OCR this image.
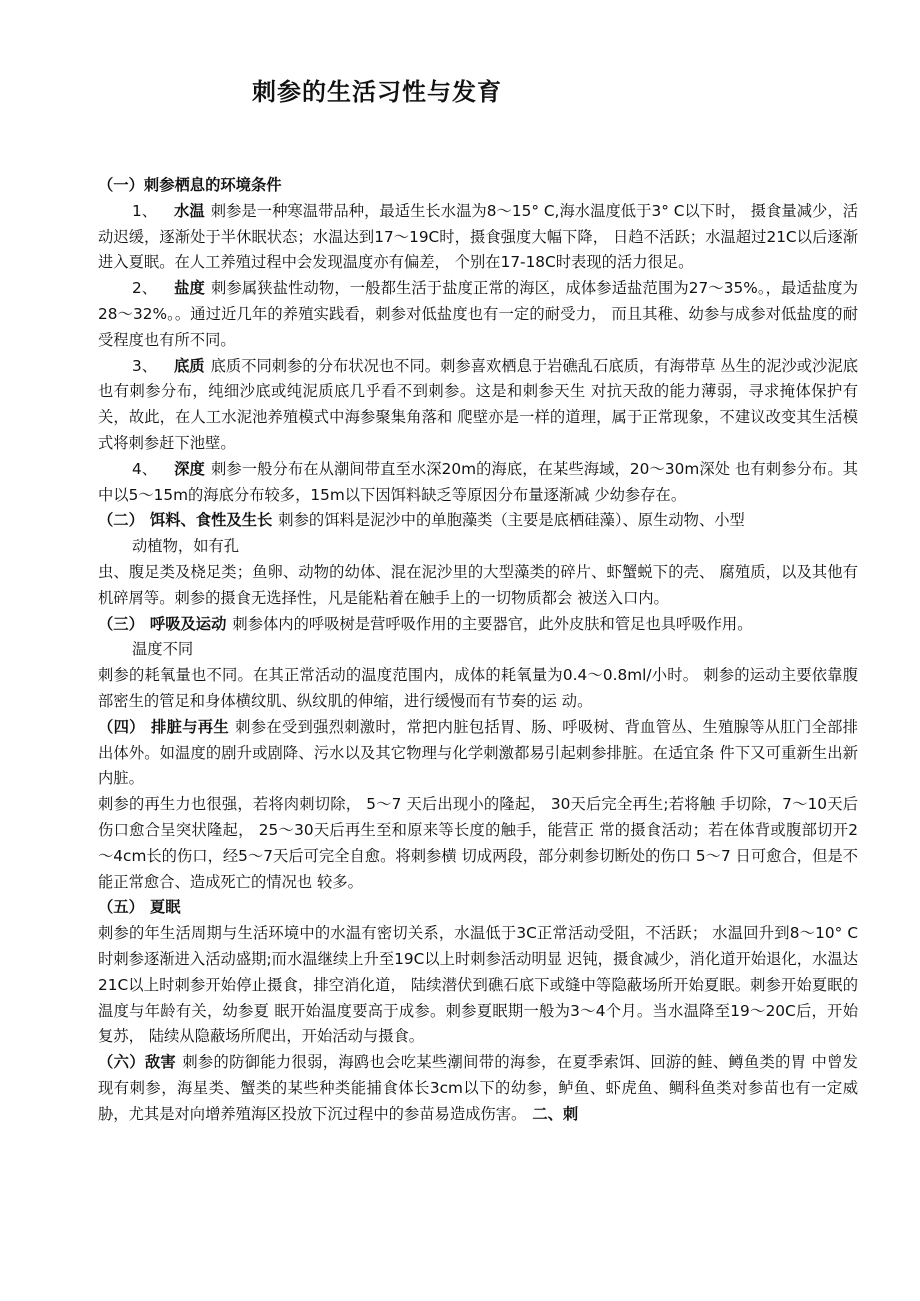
刺参的生活习性与发育

（一）刺参栖息的环境条件

1、 水温 刺参是一种寒温带品种，最适生长水温为8～15° C,海水温度低于3° C以下时， 摄食量减少，活动迟缓，逐渐处于半休眠状态；水温达到17～19C时，摄食强度大幅下降， 日趋不活跃；水温超过21C以后逐渐进入夏眠。在人工养殖过程中会发现温度亦有偏差， 个别在17-18C时表现的活力很足。

2、 盐度 刺参属狭盐性动物，一般都生活于盐度正常的海区，成体参适盐范围为27～35%。，最适盐度为28～32%。。通过近几年的养殖实践看，刺参对低盐度也有一定的耐受力， 而且其稚、幼参与成参对低盐度的耐受程度也有所不同。

3、 底质 底质不同刺参的分布状况也不同。刺参喜欢栖息于岩礁乱石底质，有海带草 丛生的泥沙或沙泥底也有刺参分布，纯细沙底或纯泥质底几乎看不到刺参。这是和刺参天生 对抗天敌的能力薄弱，寻求掩体保护有关，故此，在人工水泥池养殖模式中海参聚集角落和 爬壁亦是一样的道理，属于正常现象，不建议改变其生活模式将刺参赶下池壁。

4、 深度 刺参一般分布在从潮间带直至水深20m的海底，在某些海域，20～30m深处 也有刺参分布。其中以5～15m的海底分布较多，15m以下因饵料缺乏等原因分布量逐渐减 少幼参存在。

（二） 饵料、食性及生长 刺参的饵料是泥沙中的单胞藻类（主要是底栖硅藻）、原生动物、小型

动植物，如有孔

虫、腹足类及桡足类；鱼卵、动物的幼体、混在泥沙里的大型藻类的碎片、虾蟹蜕下的壳、 腐殖质，以及其他有机碎屑等。刺参的摄食无选择性，凡是能粘着在触手上的一切物质都会 被送入口内。

（三） 呼吸及运动 刺参体内的呼吸树是营呼吸作用的主要器官，此外皮肤和管足也具呼吸作用。

温度不同

刺参的耗氧量也不同。在其正常活动的温度范围内，成体的耗氧量为0.4～0.8ml/小时。 刺参的运动主要依靠腹部密生的管足和身体横纹肌、纵纹肌的伸缩，进行缓慢而有节奏的运 动。

（四） 排脏与再生 刺参在受到强烈刺激时，常把内脏包括胃、肠、呼吸树、背血管丛、生殖腺等从肛门全部排 出体外。如温度的剧升或剧降、污水以及其它物理与化学刺激都易引起刺参排脏。在适宜条 件下又可重新生出新内脏。

刺参的再生力也很强，若将肉刺切除， 5～7 天后出现小的隆起， 30天后完全再生;若将触 手切除，7～10天后伤口愈合呈突状隆起， 25～30天后再生至和原来等长度的触手，能营正 常的摄食活动；若在体背或腹部切开2～4cm长的伤口，经5～7天后可完全自愈。将刺参横 切成两段，部分刺参切断处的伤口 5～7 日可愈合，但是不能正常愈合、造成死亡的情况也 较多。

（五） 夏眠

刺参的年生活周期与生活环境中的水温有密切关系，水温低于3C正常活动受阻，不活跃； 水温回升到8～10° C时刺参逐渐进入活动盛期;而水温继续上升至19C以上时刺参活动明显 迟钝，摄食减少，消化道开始退化，水温达21C以上时刺参开始停止摄食，排空消化道， 陆续潜伏到礁石底下或缝中等隐蔽场所开始夏眠。刺参开始夏眠的温度与年龄有关，幼参夏 眠开始温度要高于成参。刺参夏眠期一般为3～4个月。当水温降至19～20C后，开始复苏， 陆续从隐蔽场所爬出，开始活动与摄食。

（六）敌害 刺参的防御能力很弱，海鸥也会吃某些潮间带的海参，在夏季索饵、回游的鲑、鳟鱼类的胃 中曾发现有刺参，海星类、蟹类的某些种类能捕食体长3cm以下的幼参，鲈鱼、虾虎鱼、鲷科鱼类对参苗也有一定威胁，尤其是对向增养殖海区投放下沉过程中的参苗易造成伤害。 二、刺
